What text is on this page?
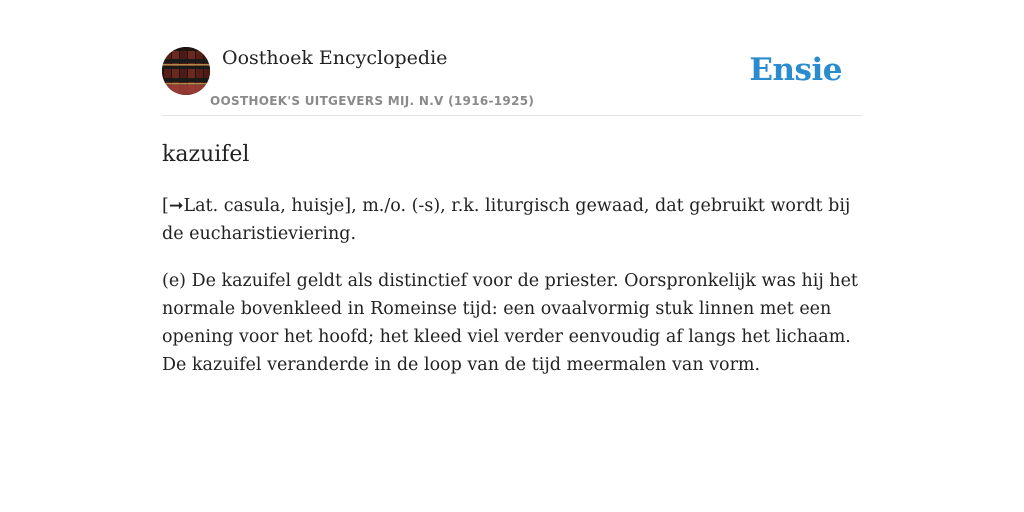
Oosthoek Encyclopedie
OOSTHOEK'S UITGEVERS MIJ. N.V (1916-1925)
Ensie
kazuifel

[➞Lat. casula, huisje], m./o. (-s), r.k. liturgisch gewaad, dat gebruikt wordt bij de eucharistieviering.

(e) De kazuifel geldt als distinctief voor de priester. Oorspronkelijk was hij het normale bovenkleed in Romeinse tijd: een ovaalvormig stuk linnen met een opening voor het hoofd; het kleed viel verder eenvoudig af langs het lichaam. De kazuifel veranderde in de loop van de tijd meermalen van vorm.
